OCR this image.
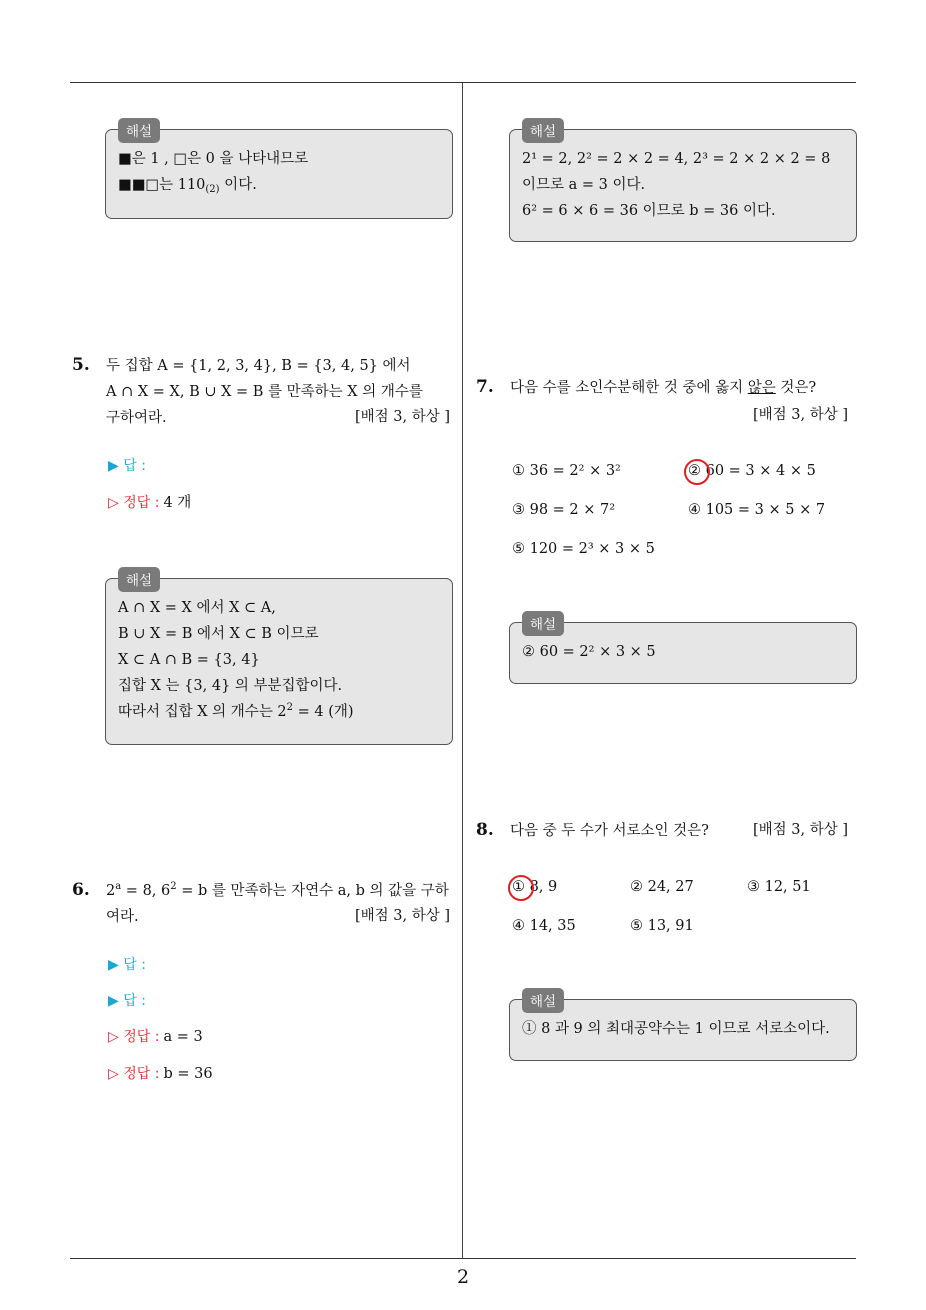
해설
■은 1 , □은 0 을 나타내므로
■■□는 $110_{(2)}$ 이다.
5. 두 집합 A = {1, 2, 3, 4}, B = {3, 4, 5} 에서
A ∩ X = X, B ∪ X = B 를 만족하는 X 의 개수를
구하여라.	[배점 3, 하상 ]
▶ 답 :
▷ 정답 : 4 개
해설
A ∩ X = X 에서 X ⊂ A,
B ∪ X = B 에서 X ⊂ B 이므로
X ⊂ A ∩ B = {3, 4}
집합 X 는 {3, 4} 의 부분집합이다.
따라서 집합 X 의 개수는 $2^2 = 4$ (개)
6. $2^a = 8$, $6^2 = b$ 를 만족하는 자연수 a, b 의 값을 구하
여라.	[배점 3, 하상 ]
▶ 답 :
▶ 답 :
▷ 정답 : a = 3
▷ 정답 : b = 36
해설
2¹ = 2, 2² = 2 × 2 = 4, 2³ = 2 × 2 × 2 = 8
이므로 a = 3 이다.
6² = 6 × 6 = 36 이므로 b = 36 이다.
7. 다음 수를 소인수분해한 것 중에 옳지 않은 것은?
[배점 3, 하상 ]
① 36 = 2² × 3²	② 60 = 3 × 4 × 5
③ 98 = 2 × 7²	④ 105 = 3 × 5 × 7
⑤ 120 = 2³ × 3 × 5
해설
② 60 = 2² × 3 × 5
8. 다음 중 두 수가 서로소인 것은?	[배점 3, 하상 ]
① 8, 9	② 24, 27	③ 12, 51
④ 14, 35	⑤ 13, 91
해설
① 8 과 9 의 최대공약수는 1 이므로 서로소이다.
2
